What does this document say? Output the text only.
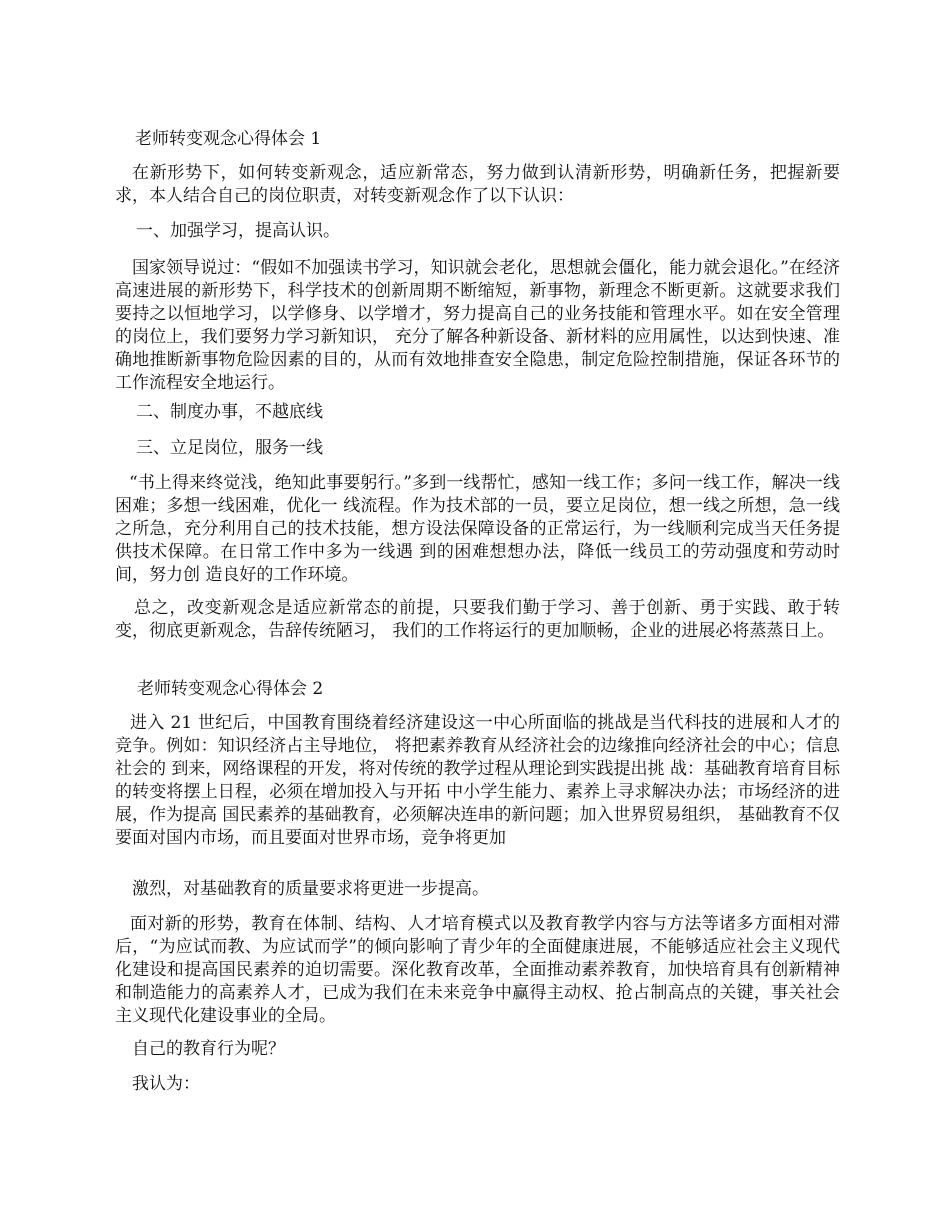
老师转变观念心得体会 1
在新形势下，如何转变新观念，适应新常态，努力做到认清新形势，明确新任务，把握新要求，本人结合自己的岗位职责，对转变新观念作了以下认识：
一、加强学习，提高认识。
国家领导说过：“假如不加强读书学习，知识就会老化，思想就会僵化，能力就会退化。”在经济高速进展的新形势下，科学技术的创新周期不断缩短，新事物，新理念不断更新。这就要求我们要持之以恒地学习，以学修身、以学增才，努力提高自己的业务技能和管理水平。如在安全管理的岗位上，我们要努力学习新知识， 充分了解各种新设备、新材料的应用属性，以达到快速、准确地推断新事物危险因素的目的，从而有效地排查安全隐患，制定危险控制措施，保证各环节的工作流程安全地运行。
二、制度办事，不越底线
三、立足岗位，服务一线
“书上得来终觉浅，绝知此事要躬行。”多到一线帮忙，感知一线工作；多问一线工作，解决一线困难；多想一线困难，优化一 线流程。作为技术部的一员，要立足岗位，想一线之所想，急一线 之所急，充分利用自己的技术技能，想方设法保障设备的正常运行，为一线顺利完成当天任务提供技术保障。在日常工作中多为一线遇 到的困难想想办法，降低一线员工的劳动强度和劳动时间，努力创 造良好的工作环境。
总之，改变新观念是适应新常态的前提，只要我们勤于学习、善于创新、勇于实践、敢于转变，彻底更新观念，告辞传统陋习， 我们的工作将运行的更加顺畅，企业的进展必将蒸蒸日上。
老师转变观念心得体会 2
进入 21 世纪后，中国教育围绕着经济建设这一中心所面临的挑战是当代科技的进展和人才的竞争。例如：知识经济占主导地位， 将把素养教育从经济社会的边缘推向经济社会的中心；信息社会的 到来，网络课程的开发，将对传统的教学过程从理论到实践提出挑 战：基础教育培育目标的转变将摆上日程，必须在增加投入与开拓 中小学生能力、素养上寻求解决办法；市场经济的进展，作为提高 国民素养的基础教育，必须解决连串的新问题；加入世界贸易组织， 基础教育不仅要面对国内市场，而且要面对世界市场，竞争将更加
激烈，对基础教育的质量要求将更进一步提高。
面对新的形势，教育在体制、结构、人才培育模式以及教育教学内容与方法等诸多方面相对滞后，“为应试而教、为应试而学”的倾向影响了青少年的全面健康进展，不能够适应社会主义现代化建设和提高国民素养的迫切需要。深化教育改革，全面推动素养教育，加快培育具有创新精神和制造能力的高素养人才，已成为我们在未来竞争中赢得主动权、抢占制高点的关键，事关社会主义现代化建设事业的全局。
自己的教育行为呢？
我认为：
